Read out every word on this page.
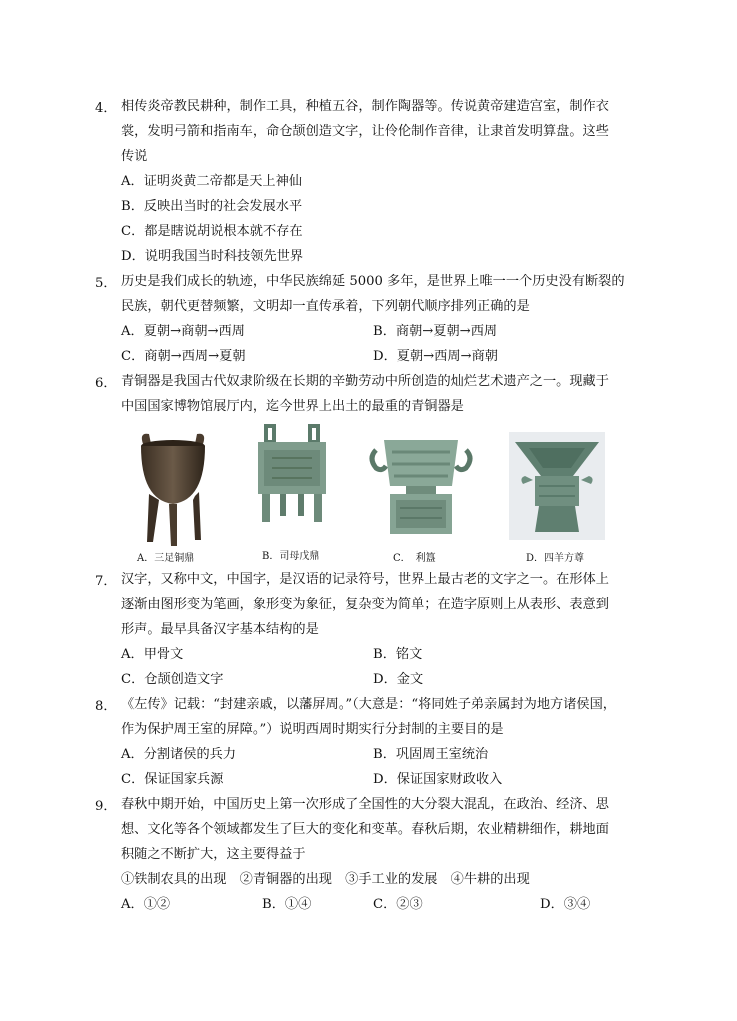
4． 相传炎帝教民耕种，制作工具，种植五谷，制作陶器等。传说黄帝建造宫室，制作衣
裳，发明弓箭和指南车，命仓颉创造文字，让伶伦制作音律，让隶首发明算盘。这些
传说
A．证明炎黄二帝都是天上神仙
B．反映出当时的社会发展水平
C．都是瞎说胡说根本就不存在
D．说明我国当时科技领先世界
5． 历史是我们成长的轨迹，中华民族绵延 5000 多年，是世界上唯一一个历史没有断裂的
民族，朝代更替频繁，文明却一直传承着，下列朝代顺序排列正确的是
A．夏朝→商朝→西周	B．商朝→夏朝→西周
C．商朝→西周→夏朝	D．夏朝→西周→商朝
6． 青铜器是我国古代奴隶阶级在长期的辛勤劳动中所创造的灿烂艺术遗产之一。现藏于
中国国家博物馆展厅内，迄今世界上出土的最重的青铜器是
A．三足铜鼎	B．司母戊鼎	C．　利簋	D．四羊方尊
7． 汉字，又称中文，中国字，是汉语的记录符号，世界上最古老的文字之一。在形体上
逐渐由图形变为笔画，象形变为象征，复杂变为简单；在造字原则上从表形、表意到
形声。最早具备汉字基本结构的是
A．甲骨文	B．铭文
C．仓颉创造文字	D．金文
8． 《左传》记载：“封建亲戚，以藩屏周。”（大意是：“将同姓子弟亲属封为地方诸侯国，
作为保护周王室的屏障。”）说明西周时期实行分封制的主要目的是
A．分割诸侯的兵力	B．巩固周王室统治
C．保证国家兵源	D．保证国家财政收入
9． 春秋中期开始，中国历史上第一次形成了全国性的大分裂大混乱，在政治、经济、思
想、文化等各个领域都发生了巨大的变化和变革。春秋后期，农业精耕细作，耕地面
积随之不断扩大，这主要得益于
①铁制农具的出现　②青铜器的出现　③手工业的发展　④牛耕的出现
A．①②	B．①④	C．②③	D．③④
